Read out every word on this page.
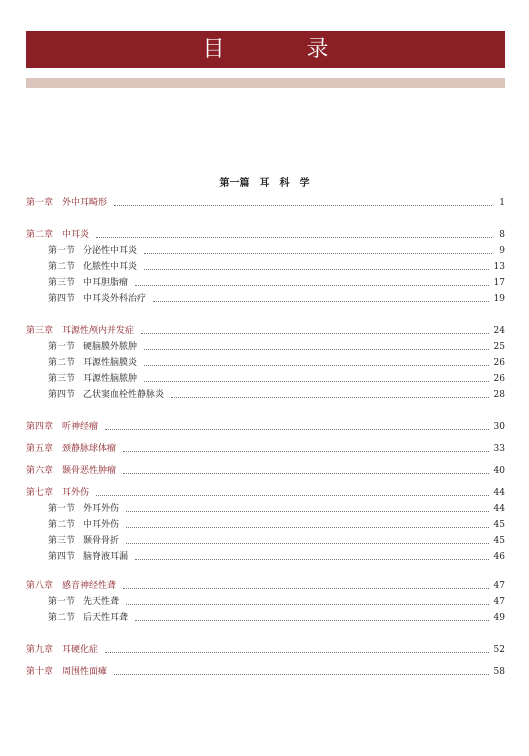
目　录
第一篇　耳　科　学
第一章 外中耳畸形	1
第二章 中耳炎	8
第一节 分泌性中耳炎	9
第二节 化脓性中耳炎	13
第三节 中耳胆脂瘤	17
第四节 中耳炎外科治疗	19
第三章 耳源性颅内并发症	24
第一节 硬脑膜外脓肿	25
第二节 耳源性脑膜炎	26
第三节 耳源性脑脓肿	26
第四节 乙状窦血栓性静脉炎	28
第四章 听神经瘤	30
第五章 颈静脉球体瘤	33
第六章 颞骨恶性肿瘤	40
第七章 耳外伤	44
第一节 外耳外伤	44
第二节 中耳外伤	45
第三节 颞骨骨折	45
第四节 脑脊液耳漏	46
第八章 感音神经性聋	47
第一节 先天性聋	47
第二节 后天性耳聋	49
第九章 耳硬化症	52
第十章 周围性面瘫	58
